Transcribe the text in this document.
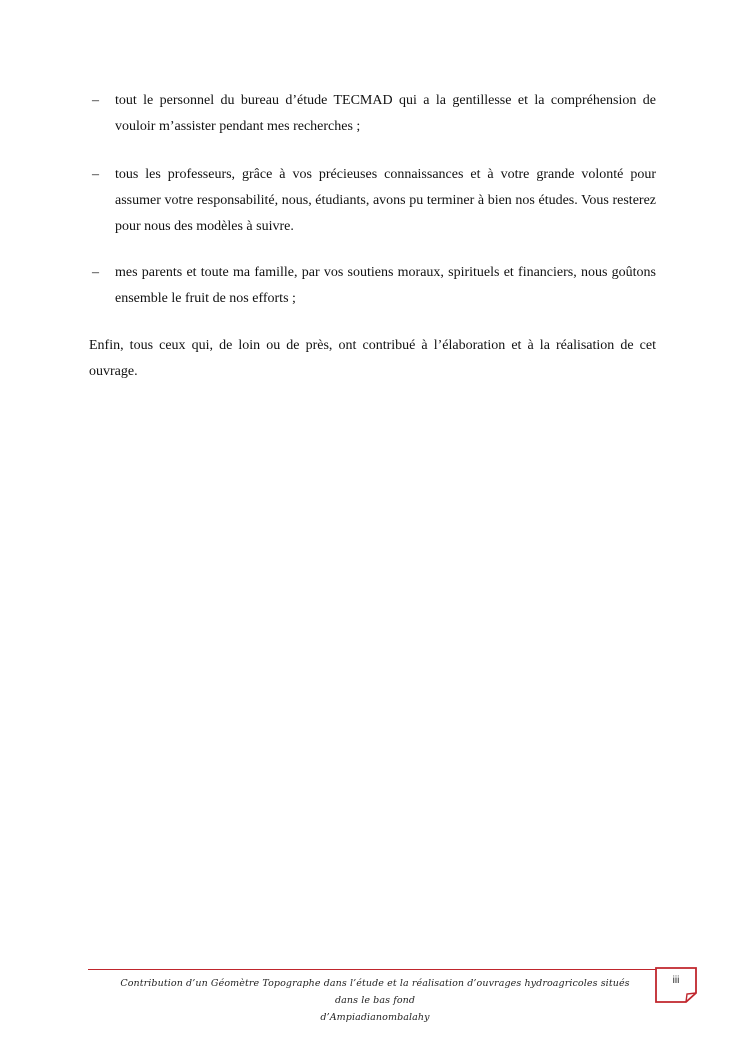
– tout le personnel du bureau d’étude TECMAD qui a la gentillesse et la compréhension de vouloir m’assister pendant mes recherches ;

– tous les professeurs, grâce à vos précieuses connaissances et à votre grande volonté pour assumer votre responsabilité, nous, étudiants, avons pu terminer à bien nos études. Vous resterez pour nous des modèles à suivre.

– mes parents et toute ma famille, par vos soutiens moraux, spirituels et financiers, nous goûtons ensemble le fruit de nos efforts ;

Enfin, tous ceux qui, de loin ou de près, ont contribué à l’élaboration et à la réalisation de cet ouvrage.

Contribution d’un Géomètre Topographe dans l’étude et la réalisation d’ouvrages hydroagricoles situés dans le bas fond
d’Ampiadianombalahy
iii
